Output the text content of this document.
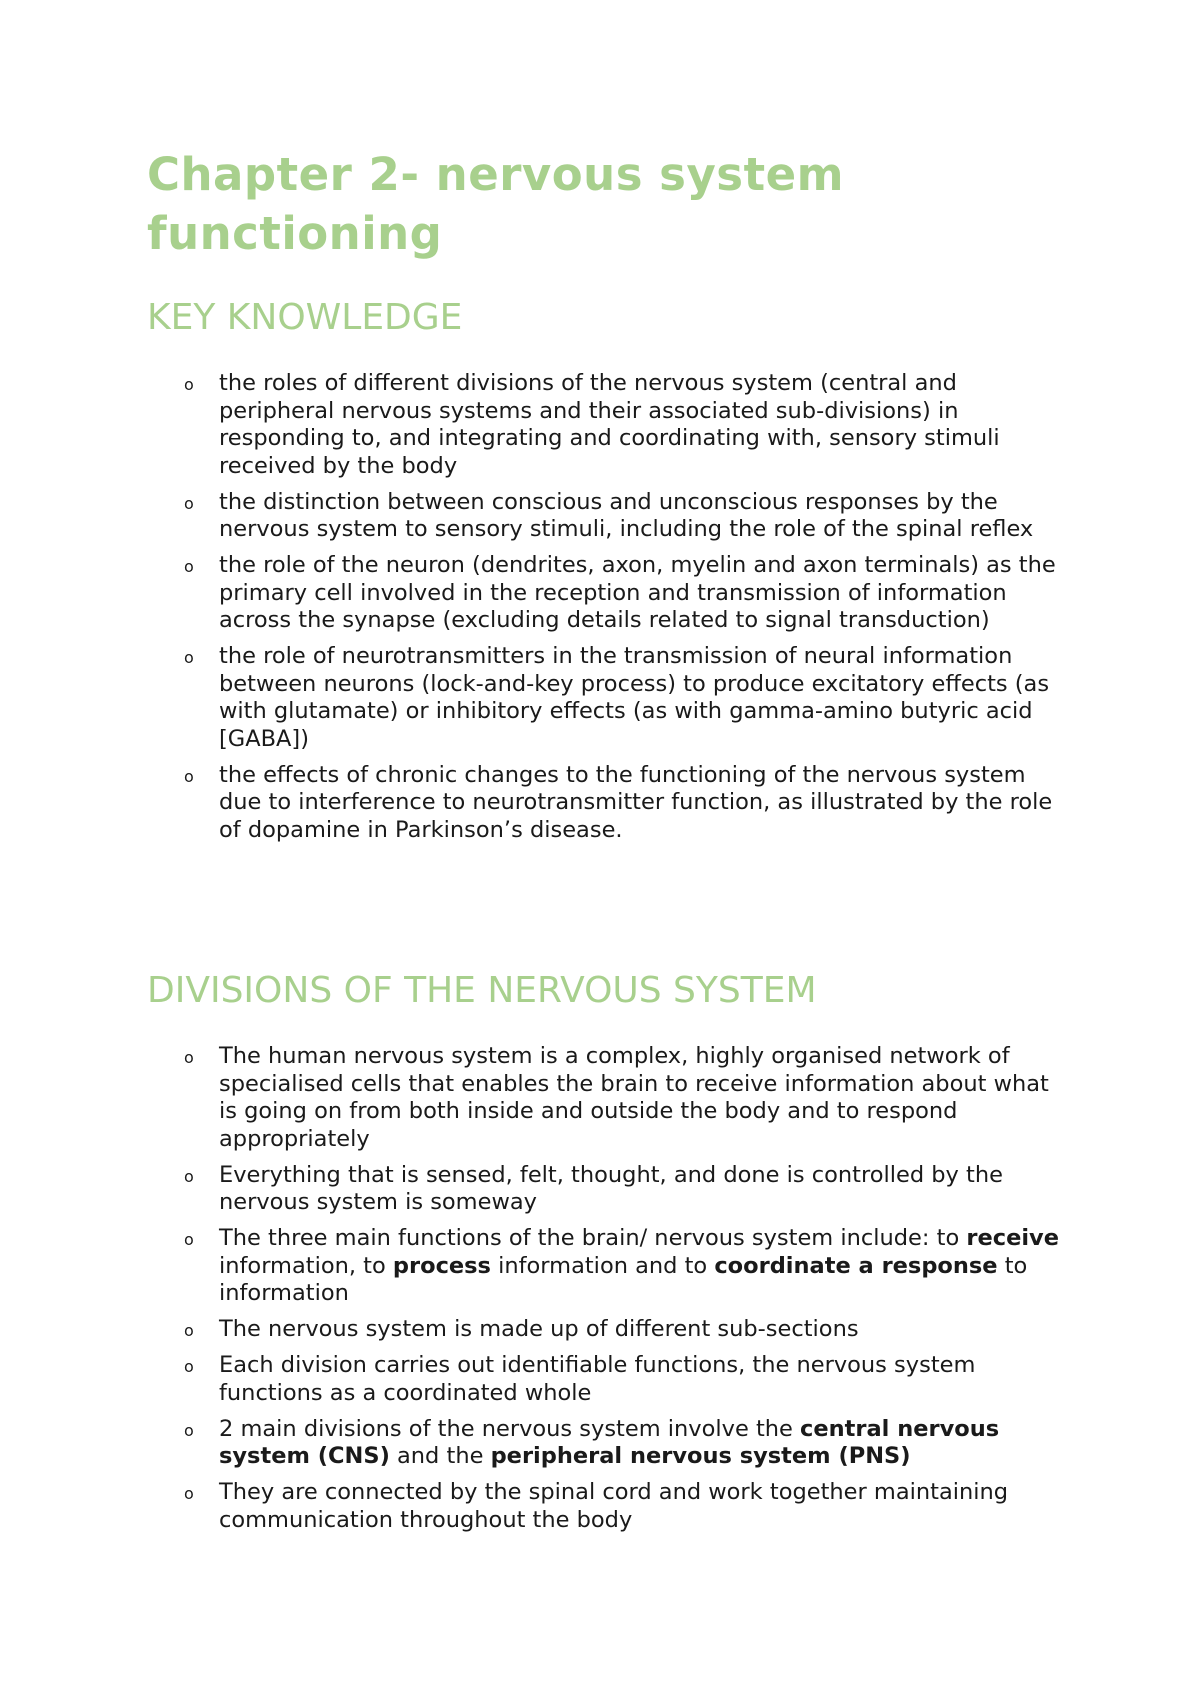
Chapter 2- nervous system functioning
KEY KNOWLEDGE
o the roles of different divisions of the nervous system (central and peripheral nervous systems and their associated sub-divisions) in responding to, and integrating and coordinating with, sensory stimuli received by the body
o the distinction between conscious and unconscious responses by the nervous system to sensory stimuli, including the role of the spinal reflex
o the role of the neuron (dendrites, axon, myelin and axon terminals) as the primary cell involved in the reception and transmission of information across the synapse (excluding details related to signal transduction)
o the role of neurotransmitters in the transmission of neural information between neurons (lock-and-key process) to produce excitatory effects (as with glutamate) or inhibitory effects (as with gamma-amino butyric acid [GABA])
o the effects of chronic changes to the functioning of the nervous system due to interference to neurotransmitter function, as illustrated by the role of dopamine in Parkinson’s disease.
DIVISIONS OF THE NERVOUS SYSTEM
o The human nervous system is a complex, highly organised network of specialised cells that enables the brain to receive information about what is going on from both inside and outside the body and to respond appropriately
o Everything that is sensed, felt, thought, and done is controlled by the nervous system is someway
o The three main functions of the brain/ nervous system include: to receive information, to process information and to coordinate a response to information
o The nervous system is made up of different sub-sections
o Each division carries out identifiable functions, the nervous system functions as a coordinated whole
o 2 main divisions of the nervous system involve the central nervous system (CNS) and the peripheral nervous system (PNS)
o They are connected by the spinal cord and work together maintaining communication throughout the body
